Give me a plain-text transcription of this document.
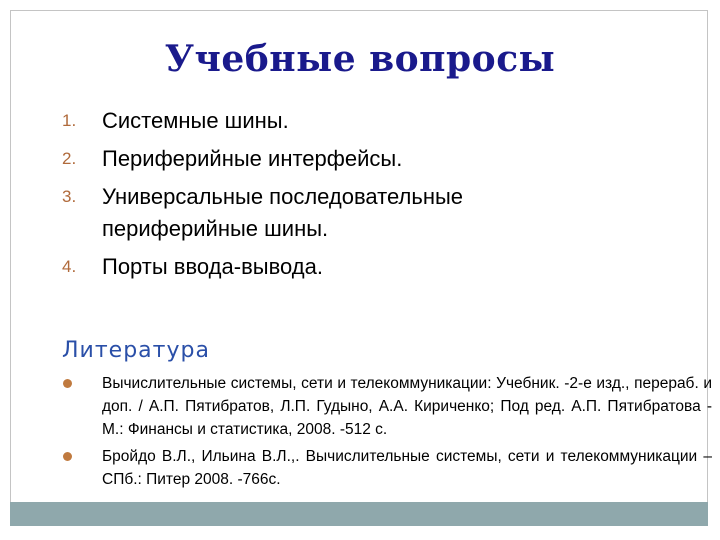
Учебные вопросы
1. Системные шины.
2. Периферийные интерфейсы.
3. Универсальные последовательные периферийные шины.
4. Порты ввода-вывода.
Литература
Вычислительные системы, сети и телекоммуникации: Учебник. -2-е изд., перераб. и доп. / А.П. Пятибратов, Л.П. Гудыно, А.А. Кириченко; Под ред. А.П. Пятибратова - М.: Финансы и статистика, 2008. -512 с.
Бройдо В.Л., Ильина В.Л.,. Вычислительные системы, сети и телекоммуникации – СПб.: Питер 2008. -766с.
